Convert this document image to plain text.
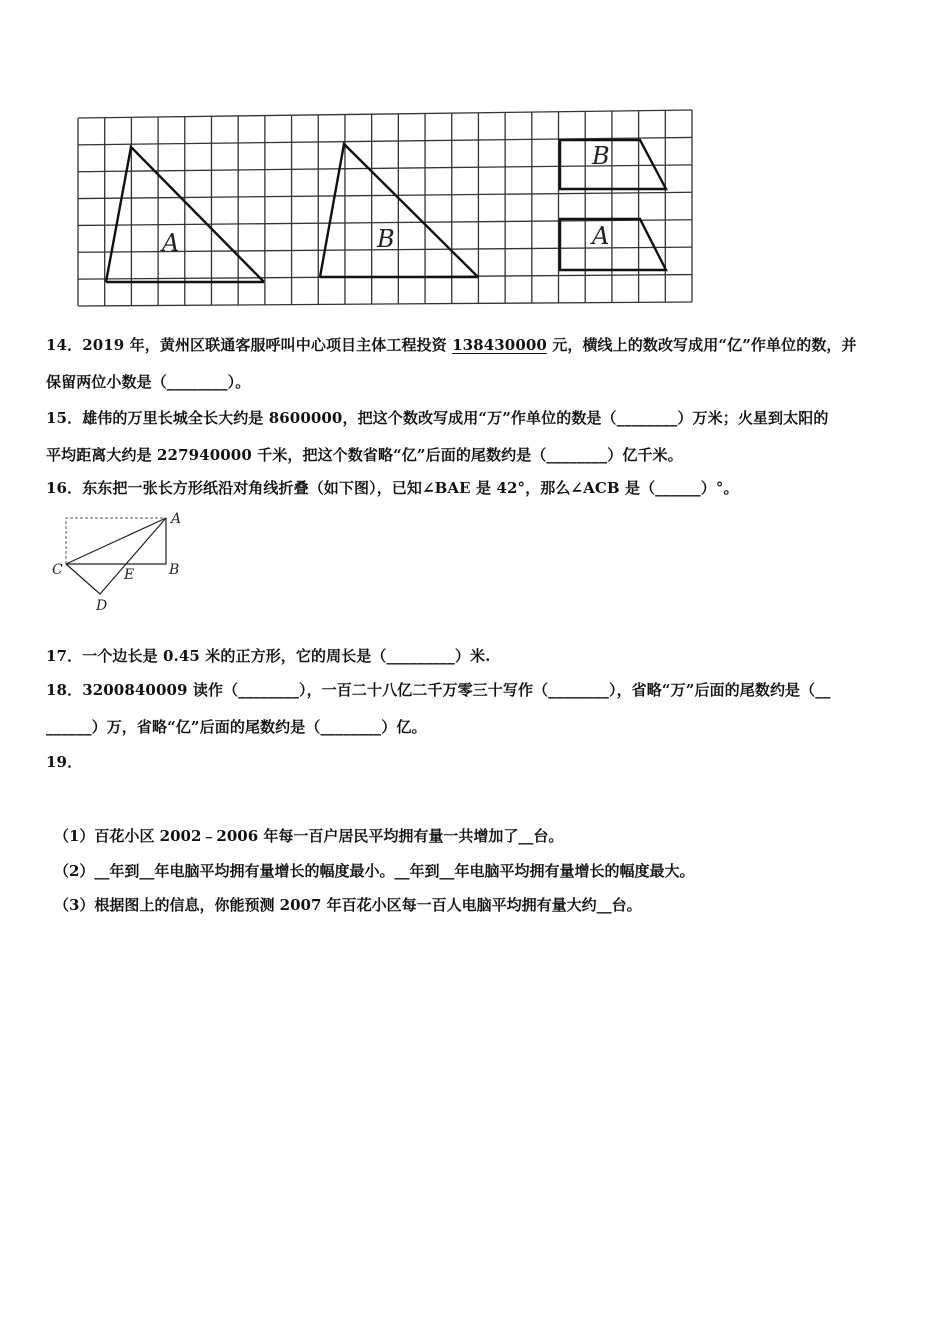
A	B
B
A
14．2019 年，黄州区联通客服呼叫中心项目主体工程投资 138430000 元，横线上的数改写成用“亿”作单位的数，并
保留两位小数是（________）。
15．雄伟的万里长城全长大约是 8600000，把这个数改写成用“万”作单位的数是（________）万米；火星到太阳的
平均距离大约是 227940000 千米，把这个数省略“亿”后面的尾数约是（________）亿千米。
16．东东把一张长方形纸沿对角线折叠（如下图），已知∠BAE 是 42°，那么∠ACB 是（______）°。
A
B
C
D
E
17．一个边长是 0.45 米的正方形，它的周长是（_________）米.
18．3200840009 读作（________），一百二十八亿二千万零三十写作（________），省略“万”后面的尾数约是（__
______）万，省略“亿”后面的尾数约是（________）亿。
19．
（1）百花小区 2002﹣2006 年每一百户居民平均拥有量一共增加了__台。
（2）__年到__年电脑平均拥有量增长的幅度最小。__年到__年电脑平均拥有量增长的幅度最大。
（3）根据图上的信息，你能预测 2007 年百花小区每一百人电脑平均拥有量大约__台。
